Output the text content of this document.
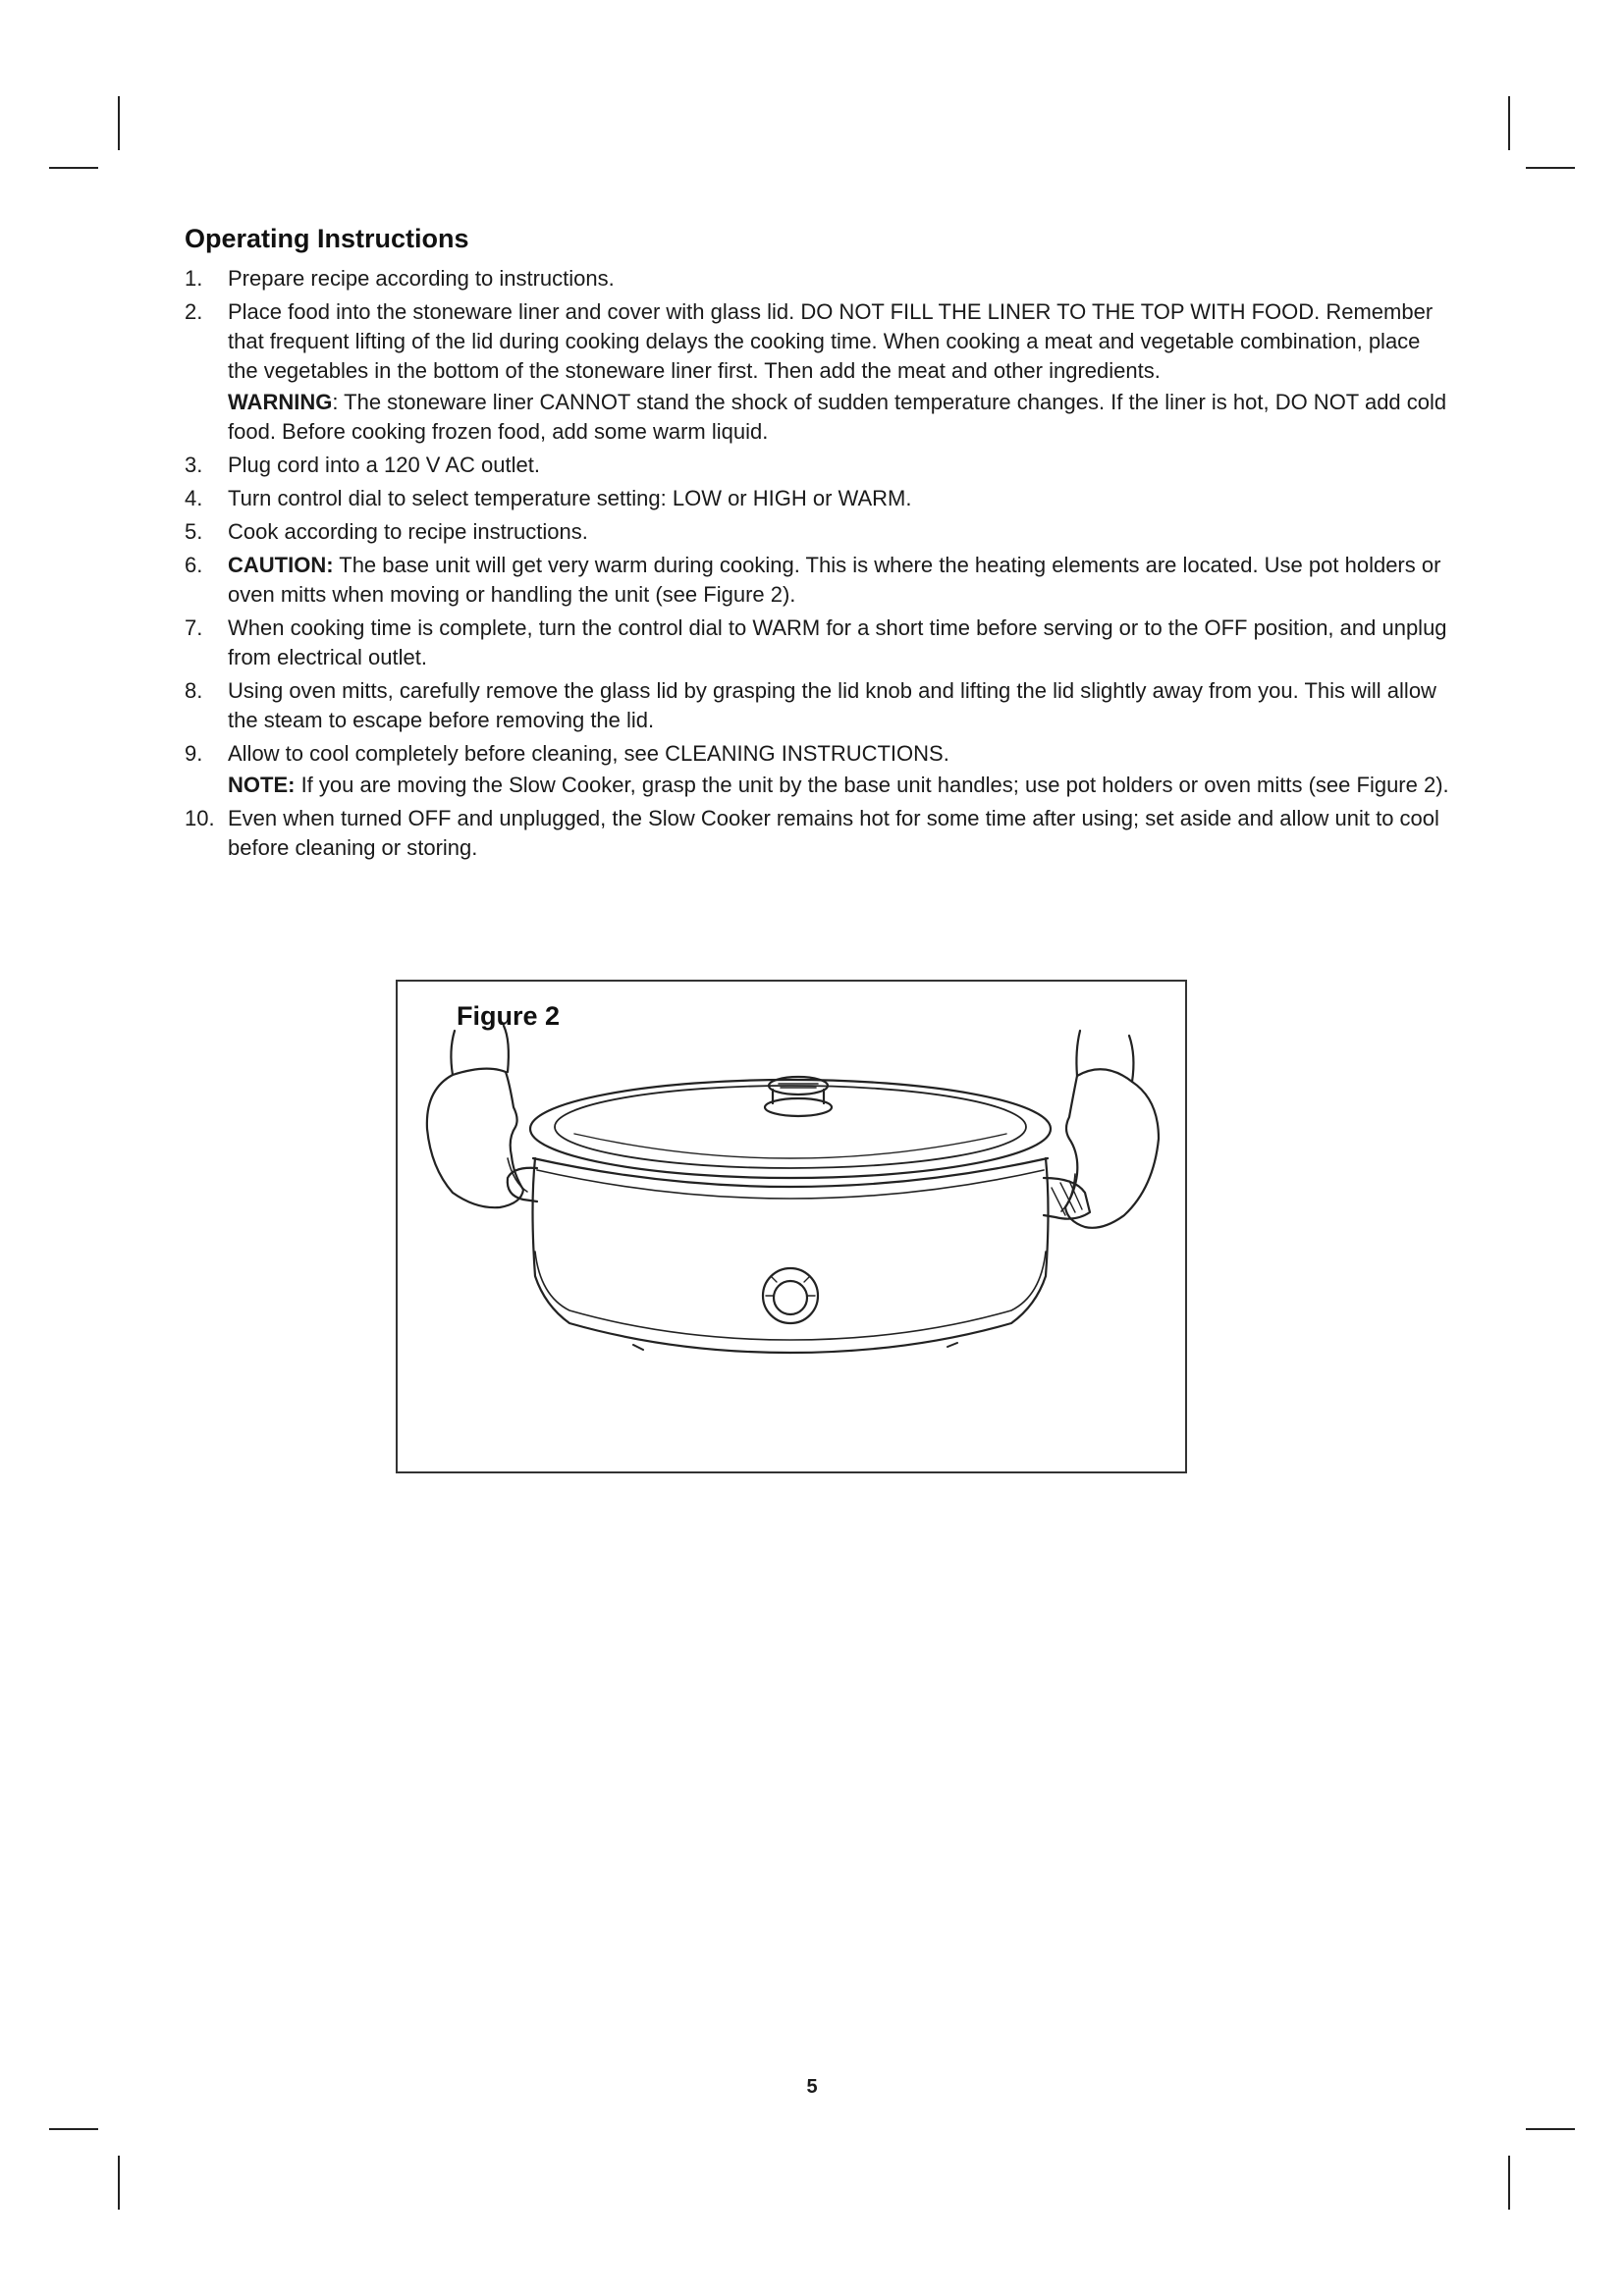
Operating Instructions
1. Prepare recipe according to instructions.
2. Place food into the stoneware liner and cover with glass lid. DO NOT FILL THE LINER TO THE TOP WITH FOOD. Remember that frequent lifting of the lid during cooking delays the cooking time. When cooking a meat and vegetable combination, place the vegetables in the bottom of the stoneware liner first. Then add the meat and other ingredients.
WARNING: The stoneware liner CANNOT stand the shock of sudden temperature changes. If the liner is hot, DO NOT add cold food. Before cooking frozen food, add some warm liquid.
3. Plug cord into a 120 V AC outlet.
4. Turn control dial to select temperature setting: LOW or HIGH or WARM.
5. Cook according to recipe instructions.
6. CAUTION: The base unit will get very warm during cooking. This is where the heating elements are located. Use pot holders or oven mitts when moving or handling the unit (see Figure 2).
7. When cooking time is complete, turn the control dial to WARM for a short time before serving or to the OFF position, and unplug from electrical outlet.
8. Using oven mitts, carefully remove the glass lid by grasping the lid knob and lifting the lid slightly away from you. This will allow the steam to escape before removing the lid.
9. Allow to cool completely before cleaning, see CLEANING INSTRUCTIONS.
NOTE: If you are moving the Slow Cooker, grasp the unit by the base unit handles; use pot holders or oven mitts (see Figure 2).
10. Even when turned OFF and unplugged, the Slow Cooker remains hot for some time after using; set aside and allow unit to cool before cleaning or storing.
Figure 2
5
